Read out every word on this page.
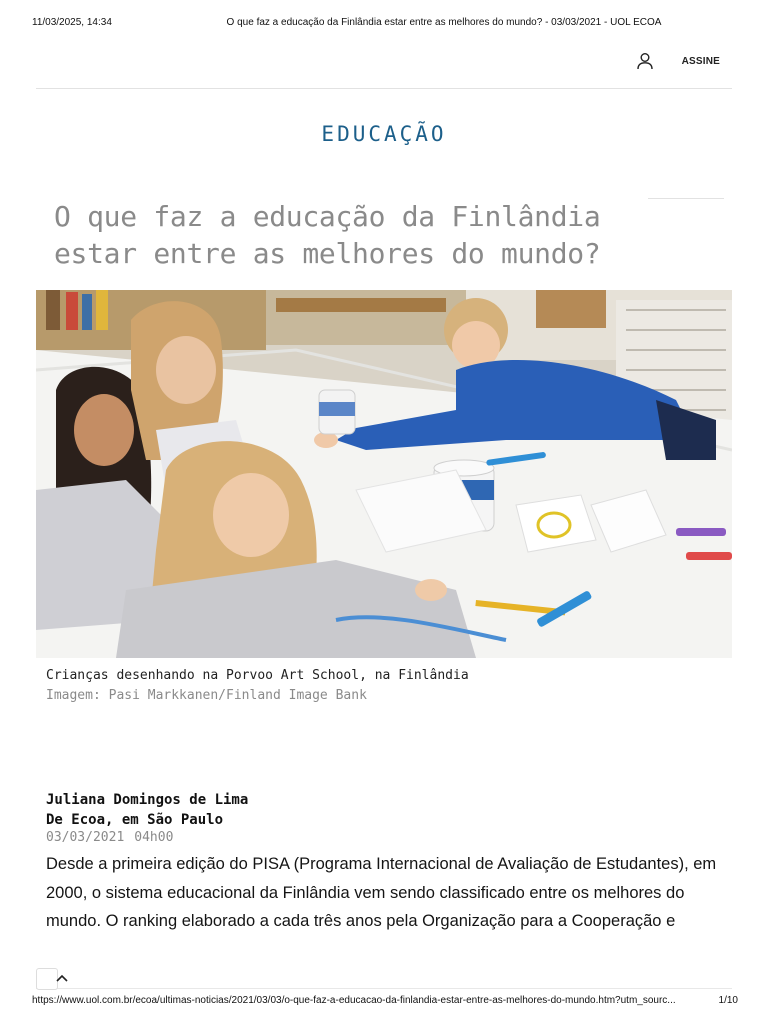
11/03/2025, 14:34	O que faz a educação da Finlândia estar entre as melhores do mundo? - 03/03/2021 - UOL ECOA
ASSINE
EDUCAÇÃO
O que faz a educação da Finlândia estar entre as melhores do mundo?
Crianças desenhando na Porvoo Art School, na Finlândia
Imagem: Pasi Markkanen/Finland Image Bank
Juliana Domingos de Lima
De Ecoa, em São Paulo
03/03/2021 04h00

Desde a primeira edição do PISA (Programa Internacional de Avaliação de Estudantes), em 2000, o sistema educacional da Finlândia vem sendo classificado entre os melhores do mundo. O ranking elaborado a cada três anos pela Organização para a Cooperação e

https://www.uol.com.br/ecoa/ultimas-noticias/2021/03/03/o-que-faz-a-educacao-da-finlandia-estar-entre-as-melhores-do-mundo.htm?utm_sourc...	1/10
